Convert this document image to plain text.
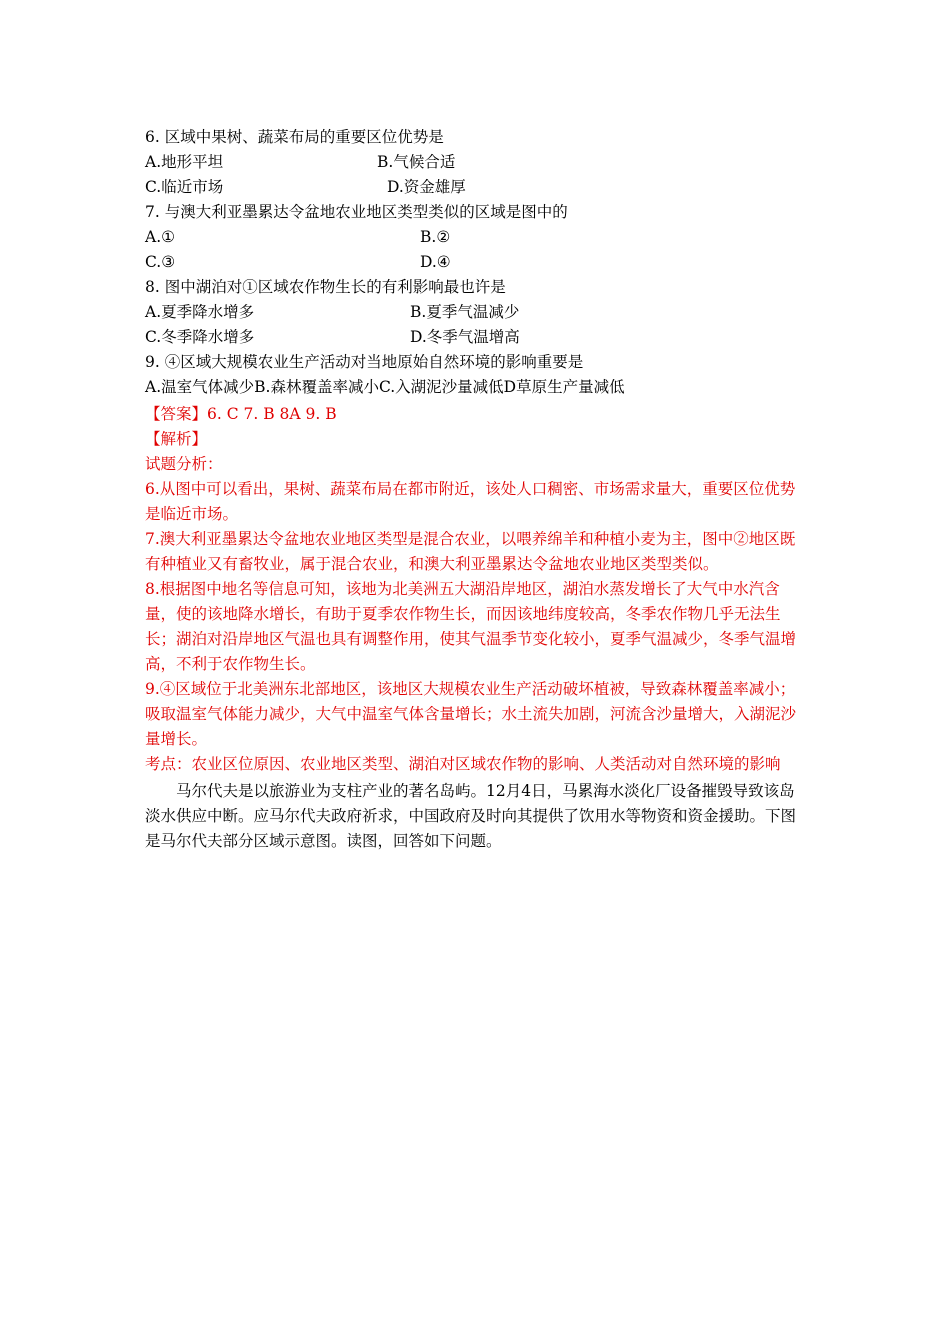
6. 区域中果树、蔬菜布局的重要区位优势是
A.地形平坦	B.气候合适
C.临近市场	D.资金雄厚
7. 与澳大利亚墨累达令盆地农业地区类型类似的区域是图中的
A.①	B.②
C.③	D.④
8. 图中湖泊对①区域农作物生长的有利影响最也许是
A.夏季降水增多	B.夏季气温减少
C.冬季降水增多	D.冬季气温增高
9. ④区域大规模农业生产活动对当地原始自然环境的影响重要是
A.温室气体减少B.森林覆盖率减小C.入湖泥沙量减低D草原生产量减低
【答案】6. C 7. B 8A 9. B
【解析】
试题分析：
6.从图中可以看出，果树、蔬菜布局在都市附近，该处人口稠密、市场需求量大，重要区位优势是临近市场。
7.澳大利亚墨累达令盆地农业地区类型是混合农业，以喂养绵羊和种植小麦为主，图中②地区既有种植业又有畜牧业，属于混合农业，和澳大利亚墨累达令盆地农业地区类型类似。
8.根据图中地名等信息可知，该地为北美洲五大湖沿岸地区，湖泊水蒸发增长了大气中水汽含量，使的该地降水增长，有助于夏季农作物生长，而因该地纬度较高，冬季农作物几乎无法生长；湖泊对沿岸地区气温也具有调整作用，使其气温季节变化较小，夏季气温减少，冬季气温增高，不利于农作物生长。
9.④区域位于北美洲东北部地区，该地区大规模农业生产活动破坏植被，导致森林覆盖率减小；吸取温室气体能力减少，大气中温室气体含量增长；水土流失加剧，河流含沙量增大，入湖泥沙量增长。
考点：农业区位原因、农业地区类型、湖泊对区域农作物的影响、人类活动对自然环境的影响
马尔代夫是以旅游业为支柱产业的著名岛屿。12月4日，马累海水淡化厂设备摧毁导致该岛淡水供应中断。应马尔代夫政府祈求，中国政府及时向其提供了饮用水等物资和资金援助。下图是马尔代夫部分区域示意图。读图，回答如下问题。
